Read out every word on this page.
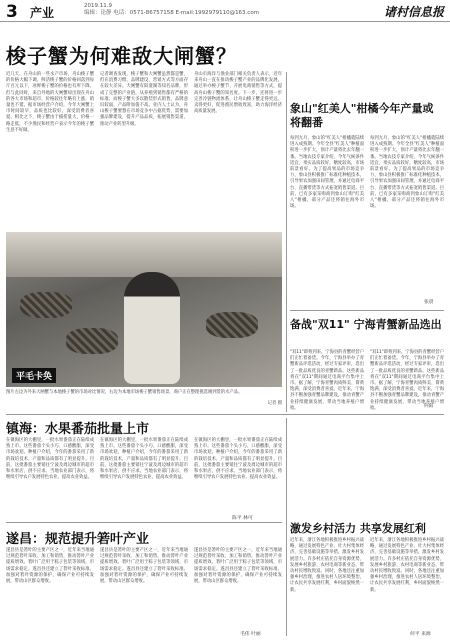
3 产业	2019.11.9
编辑：论静 电话：0571-86757158 E-mail:1992979110@163.com	诸村信息报
梭子蟹为何难敌大闸蟹？
近几天，在舟山的一些水产市场，舟山梭子蟹的价格大幅下调，鲜活梭子蟹的价格回落到每斤百元以下，冰鲜梭子蟹的价格也有所下降。但与此同时，来自外地的大闸蟹却出现在舟山的各大市场和超市，价格较往年略有上涨，销量也不错。据市场经营户介绍，今年大闸蟹上市时间较早，品质也比较好，深受消费者喜爱。相比之下，梭子蟹由于捕捞量大，价格一路走低，不少渔民和经营户表示今年的梭子蟹生意不好做。
记者调查发现，梭子蟹和大闸蟹虽然都是蟹，但在消费习惯、品牌建设、营销方式等方面存在较大差异。大闸蟹有阳澄湖等知名品牌，形成了完整的产业链，从养殖到销售都有严格的标准；而梭子蟹大多以散装形式销售，品牌意识较弱，产品附加值不高。业内人士认为，舟山梭子蟹要想在市场竞争中占据优势，需要加强品牌建设，提升产品品质，拓展销售渠道，推动产业转型升级。
舟山市海洋与渔业部门相关负责人表示，近年来舟山一直在推动梭子蟹产业的品牌化发展，通过举办梭子蟹节、开展电商销售等方式，提高舟山梭子蟹的知名度。下一步，还将进一步完善冷链物流体系，让舟山梭子蟹走得更远、卖得更好，促进渔民增收致富，助力海洋经济高质量发展。
平毛卡奂
图片左边为外来大闸蟹与本地梭子蟹的市场对比情况，右边为本地市场梭子蟹销售场景，商户正在整理挑选刚到货的水产品。
记者 摄
象山"红美人"柑橘今年产量或将翻番
每到九月，象山的"红美人"柑橘就陆续进入成熟期。今年全县"红美人"种植面积进一步扩大，预计产量将比去年翻一番。当地农技专家介绍，今年气候条件适宜，果实品质较好，糖度较高，市场前景看好。为了提高果品的市场竞争力，象山县积极推广标准化种植技术，引导果农加强田间管理，并通过电商平台、直播带货等方式拓宽销售渠道。目前，已有多家采购商到象山订购"红美人"柑橘，部分产品还将销往海外市场。
每到九月，象山的"红美人"柑橘就陆续进入成熟期。今年全县"红美人"种植面积进一步扩大，预计产量将比去年翻一番。当地农技专家介绍，今年气候条件适宜，果实品质较好，糖度较高，市场前景看好。为了提高果品的市场竞争力，象山县积极推广标准化种植技术，引导果农加强田间管理，并通过电商平台、直播带货等方式拓宽销售渠道。目前，已有多家采购商到象山订购"红美人"柑橘，部分产品还将销往海外市场。
张晨
备战"双11" 宁海青蟹新品选出
"双11"即将到来，宁海县的青蟹经营户们正忙着备货。今年，宁海县举办了青蟹新品评选活动，经过专家评审，选出了一批品质优良的青蟹新品。这些新品将在"双11"期间通过电商平台集中上市。据了解，宁海青蟹肉质鲜美、膏黄饱满，深受消费者喜爱。近年来，宁海县不断加强青蟹品牌建设，推动青蟹产业持续健康发展，带动当地养殖户增收。
"双11"即将到来，宁海县的青蟹经营户们正忙着备货。今年，宁海县举办了青蟹新品评选活动，经过专家评审，选出了一批品质优良的青蟹新品。这些新品将在"双11"期间通过电商平台集中上市。据了解，宁海青蟹肉质鲜美、膏黄饱满，深受消费者喜爱。近年来，宁海县不断加强青蟹品牌建设，推动青蟹产业持续健康发展，带动当地养殖户增收。	何阳
镇海：水果番茄批量上市
在镇海区的大棚里，一批水果番茄正在陆续成熟上市。这些番茄个头小巧、口感酸甜，深受市场欢迎。种植户介绍，今年的番茄采用了新的栽培技术，产量和品质都有了明显提升。目前，这批番茄主要销往宁波及周边城市的超市和水果店，供不应求。当地农业部门表示，将继续引导农户发展特色农业，提高农业效益。
在镇海区的大棚里，一批水果番茄正在陆续成熟上市。这些番茄个头小巧、口感酸甜，深受市场欢迎。种植户介绍，今年的番茄采用了新的栽培技术，产量和品质都有了明显提升。目前，这批番茄主要销往宁波及周边城市的超市和水果店，供不应求。当地农业部门表示，将继续引导农户发展特色农业，提高农业效益。
在镇海区的大棚里，一批水果番茄正在陆续成熟上市。这些番茄个头小巧、口感酸甜，深受市场欢迎。种植户介绍，今年的番茄采用了新的栽培技术，产量和品质都有了明显提升。目前，这批番茄主要销往宁波及周边城市的超市和水果店，供不应求。当地农业部门表示，将继续引导农户发展特色农业，提高农业效益。
陈平 林可
遂昌：规范提升箬叶产业
遂昌县是箬叶的主要产区之一，近年来当地通过规范箬叶采收、加工和销售，推动箬叶产业提质增效。箬叶广泛用于粽子包装等领域，市场需求稳定。遂昌县还建立了箬叶采收标准，加强对箬叶资源的保护，确保产业可持续发展，带动山区群众增收。
遂昌县是箬叶的主要产区之一，近年来当地通过规范箬叶采收、加工和销售，推动箬叶产业提质增效。箬叶广泛用于粽子包装等领域，市场需求稳定。遂昌县还建立了箬叶采收标准，加强对箬叶资源的保护，确保产业可持续发展，带动山区群众增收。
遂昌县是箬叶的主要产区之一，近年来当地通过规范箬叶采收、加工和销售，推动箬叶产业提质增效。箬叶广泛用于粽子包装等领域，市场需求稳定。遂昌县还建立了箬叶采收标准，加强对箬叶资源的保护，确保产业可持续发展，带动山区群众增收。
毛伟 叶丽
激发乡村活力 共享发展红利
近年来，浙江各地积极推进乡村振兴战略，通过发展特色产业、壮大村集体经济、完善基础设施等举措，激发乡村发展活力。许多村庄依托自身资源优势，发展乡村旅游、农村电商等新业态，带动村民增收致富。同时，各地还注重加强乡村治理，推进农村人居环境整治，让农民共享发展红利，乡村面貌焕然一新。
近年来，浙江各地积极推进乡村振兴战略，通过发展特色产业、壮大村集体经济、完善基础设施等举措，激发乡村发展活力。许多村庄依托自身资源优势，发展乡村旅游、农村电商等新业态，带动村民增收致富。同时，各地还注重加强乡村治理，推进农村人居环境整治，让农民共享发展红利，乡村面貌焕然一新。
何平 来源
